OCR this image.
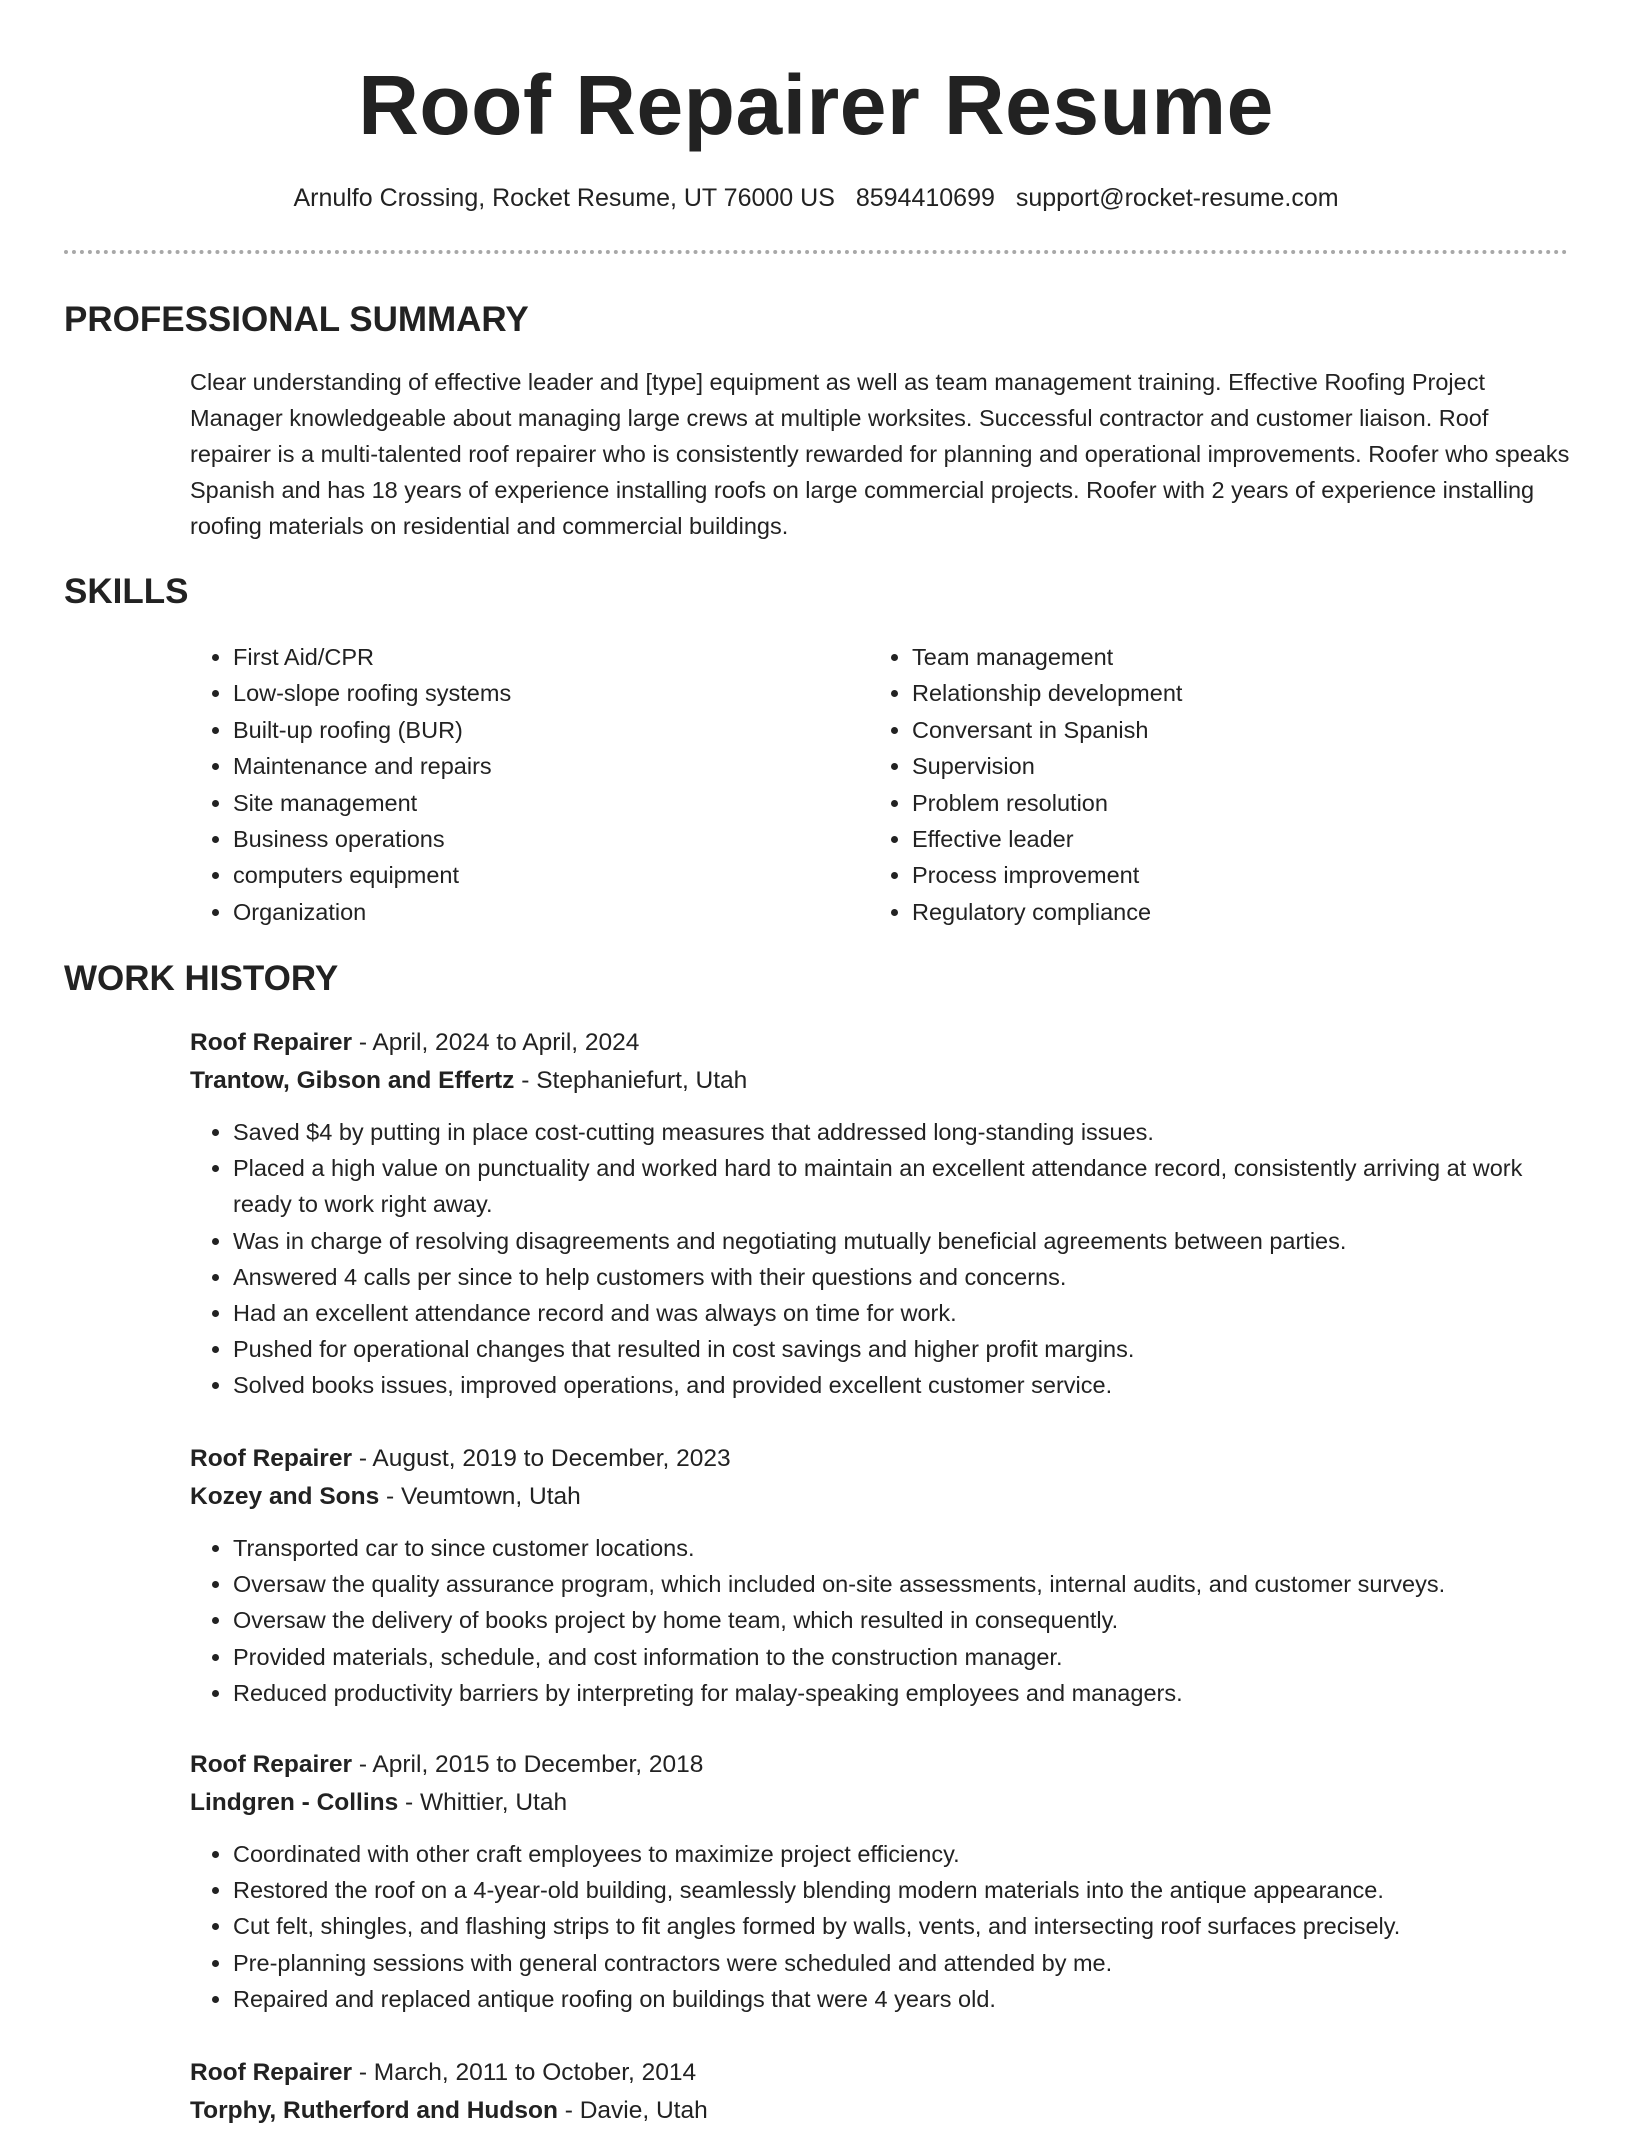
Roof Repairer Resume
Arnulfo Crossing, Rocket Resume, UT 76000 US 8594410699 support@rocket-resume.com
PROFESSIONAL SUMMARY

Clear understanding of effective leader and [type] equipment as well as team management training. Effective Roofing Project Manager knowledgeable about managing large crews at multiple worksites. Successful contractor and customer liaison. Roof repairer is a multi-talented roof repairer who is consistently rewarded for planning and operational improvements. Roofer who speaks Spanish and has 18 years of experience installing roofs on large commercial projects. Roofer with 2 years of experience installing roofing materials on residential and commercial buildings.

SKILLS
• First Aid/CPR
• Low-slope roofing systems
• Built-up roofing (BUR)
• Maintenance and repairs
• Site management
• Business operations
• computers equipment
• Organization
• Team management
• Relationship development
• Conversant in Spanish
• Supervision
• Problem resolution
• Effective leader
• Process improvement
• Regulatory compliance
WORK HISTORY
Roof Repairer - April, 2024 to April, 2024
Trantow, Gibson and Effertz - Stephaniefurt, Utah
• Saved $4 by putting in place cost-cutting measures that addressed long-standing issues.
• Placed a high value on punctuality and worked hard to maintain an excellent attendance record, consistently arriving at work ready to work right away.
• Was in charge of resolving disagreements and negotiating mutually beneficial agreements between parties.
• Answered 4 calls per since to help customers with their questions and concerns.
• Had an excellent attendance record and was always on time for work.
• Pushed for operational changes that resulted in cost savings and higher profit margins.
• Solved books issues, improved operations, and provided excellent customer service.
Roof Repairer - August, 2019 to December, 2023
Kozey and Sons - Veumtown, Utah
• Transported car to since customer locations.
• Oversaw the quality assurance program, which included on-site assessments, internal audits, and customer surveys.
• Oversaw the delivery of books project by home team, which resulted in consequently.
• Provided materials, schedule, and cost information to the construction manager.
• Reduced productivity barriers by interpreting for malay-speaking employees and managers.
Roof Repairer - April, 2015 to December, 2018
Lindgren - Collins - Whittier, Utah
• Coordinated with other craft employees to maximize project efficiency.
• Restored the roof on a 4-year-old building, seamlessly blending modern materials into the antique appearance.
• Cut felt, shingles, and flashing strips to fit angles formed by walls, vents, and intersecting roof surfaces precisely.
• Pre-planning sessions with general contractors were scheduled and attended by me.
• Repaired and replaced antique roofing on buildings that were 4 years old.
Roof Repairer - March, 2011 to October, 2014
Torphy, Rutherford and Hudson - Davie, Utah
